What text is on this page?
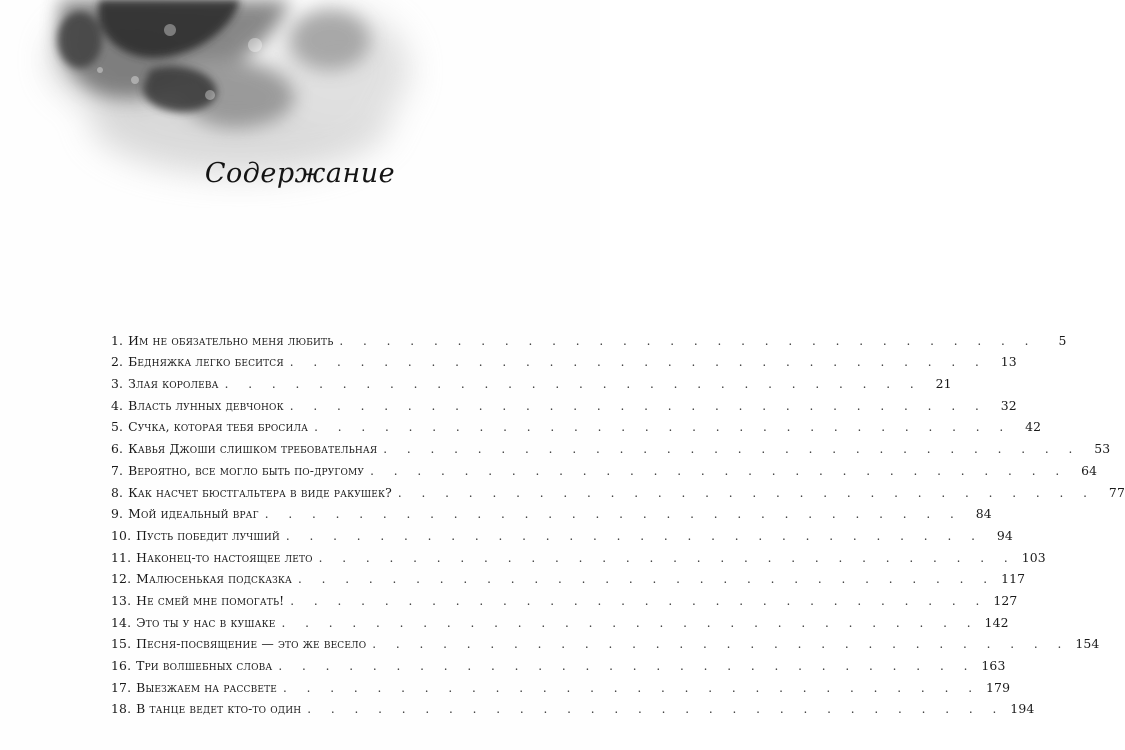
Содержание
1. Им не обязательно меня любить . . . . . . . . . . . . . . . . . . . . . . . . . . . . . .	5
2. Бедняжка легко бесится . . . . . . . . . . . . . . . . . . . . . . . . . . . . . .	13
3. Злая королева . . . . . . . . . . . . . . . . . . . . . . . . . . . . . .	21
4. Власть лунных девчонок . . . . . . . . . . . . . . . . . . . . . . . . . . . . . .	32
5. Сучка, которая тебя бросила . . . . . . . . . . . . . . . . . . . . . . . . . . . . . .	42
6. Кавья Джоши слишком требовательная . . . . . . . . . . . . . . . . . . . . . . . . . . . . . .	53
7. Вероятно, все могло быть по-другому . . . . . . . . . . . . . . . . . . . . . . . . . . . . . .	64
8. Как насчет бюстгальтера в виде ракушек? . . . . . . . . . . . . . . . . . . . . . . . . . . . . . .	77
9. Мой идеальный враг . . . . . . . . . . . . . . . . . . . . . . . . . . . . . .	84
10. Пусть победит лучший . . . . . . . . . . . . . . . . . . . . . . . . . . . . . .	94
11. Наконец-то настоящее лето . . . . . . . . . . . . . . . . . . . . . . . . . . . . . . 103
12. Малюсенькая подсказка . . . . . . . . . . . . . . . . . . . . . . . . . . . . . . 117
13. Не смей мне помогать! . . . . . . . . . . . . . . . . . . . . . . . . . . . . . . 127
14. Это ты у нас в кушаке . . . . . . . . . . . . . . . . . . . . . . . . . . . . . . 142
15. Песня-посвящение — это же весело . . . . . . . . . . . . . . . . . . . . . . . . . . . . . . 154
16. Три волшебных слова . . . . . . . . . . . . . . . . . . . . . . . . . . . . . . 163
17. Выезжаем на рассвете . . . . . . . . . . . . . . . . . . . . . . . . . . . . . . 179
18. В танце ведет кто-то один . . . . . . . . . . . . . . . . . . . . . . . . . . . . . . 194
